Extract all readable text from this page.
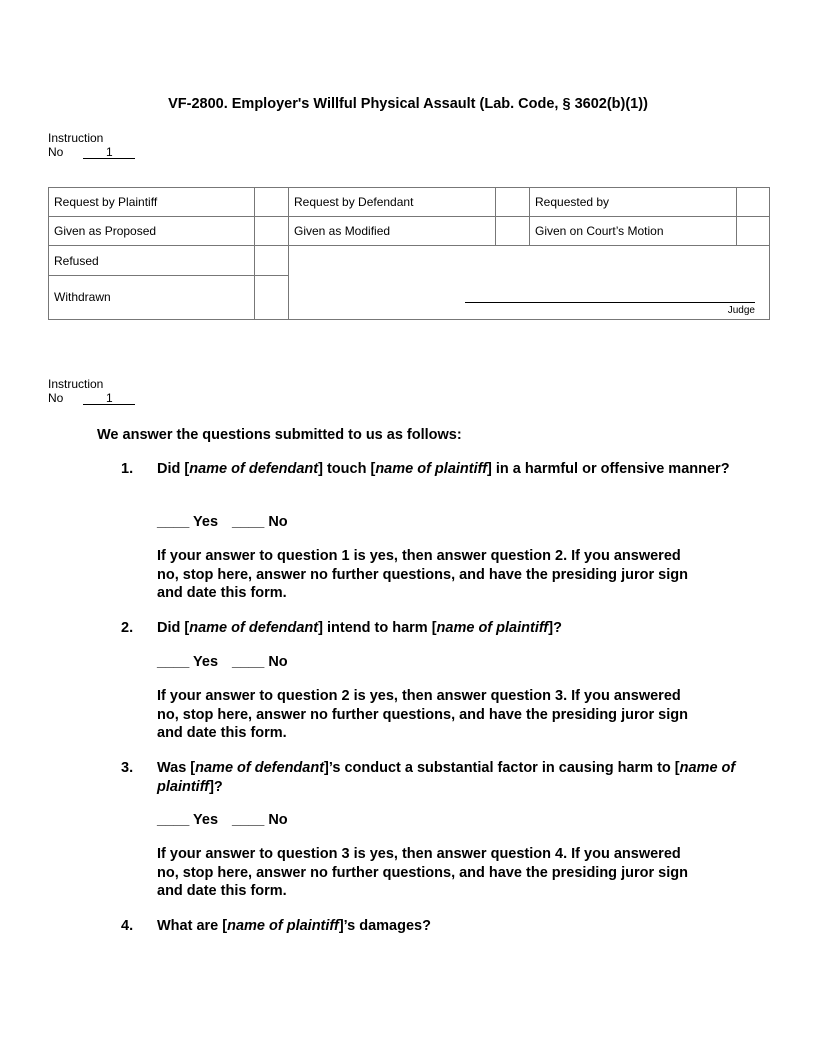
VF-2800. Employer's Willful Physical Assault (Lab. Code, § 3602(b)(1))
Instruction
No	1
Request by Plaintiff		Request by Defendant		Requested by	
Given as Proposed		Given as Modified		Given on Court’s Motion	
Refused		Judge			

Withdrawn					
Instruction
No	1
We answer the questions submitted to us as follows:
1. Did [name of defendant] touch [name of plaintiff] in a harmful or offensive manner?
____ Yes ____ No
If your answer to question 1 is yes, then answer question 2. If you answered no, stop here, answer no further questions, and have the presiding juror sign and date this form.
2. Did [name of defendant] intend to harm [name of plaintiff]?
____ Yes ____ No
If your answer to question 2 is yes, then answer question 3. If you answered no, stop here, answer no further questions, and have the presiding juror sign and date this form.
3. Was [name of defendant]’s conduct a substantial factor in causing harm to [name of plaintiff]?
____ Yes ____ No
If your answer to question 3 is yes, then answer question 4. If you answered no, stop here, answer no further questions, and have the presiding juror sign and date this form.
4. What are [name of plaintiff]’s damages?
